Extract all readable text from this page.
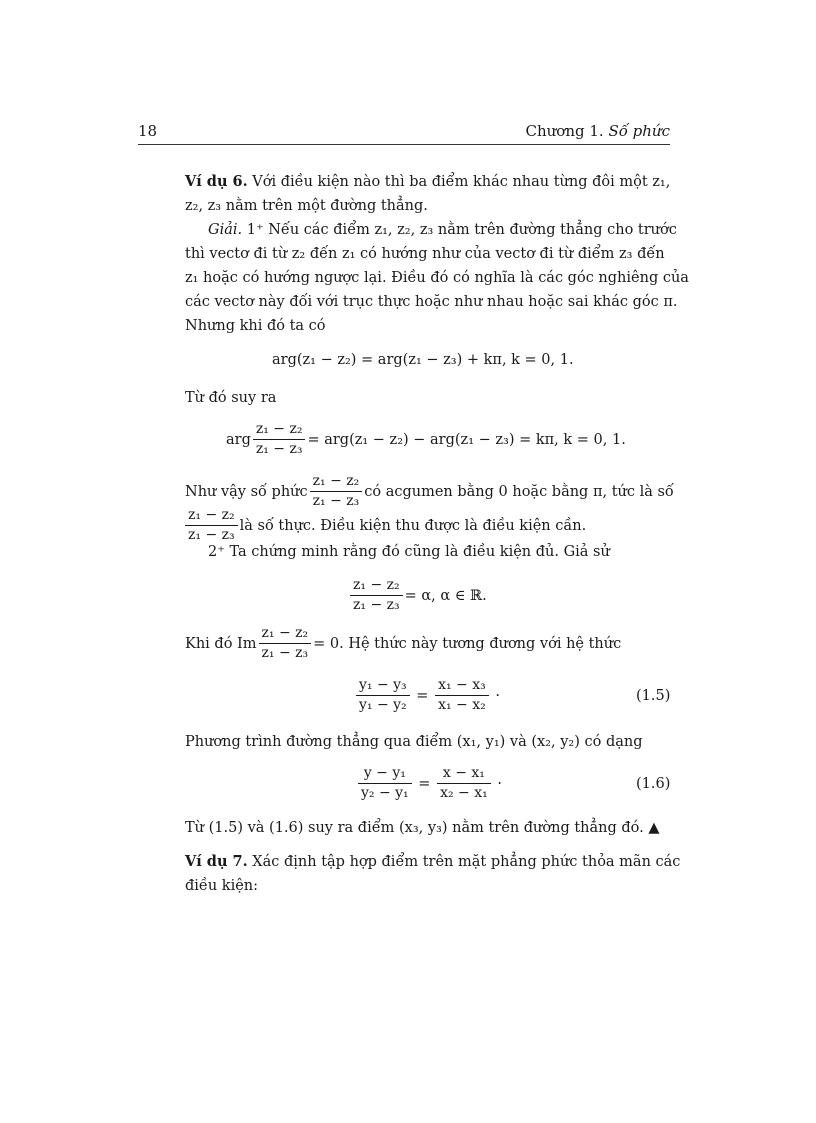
18	Chương 1. Số phức
Ví dụ 6. Với điều kiện nào thì ba điểm khác nhau từng đôi một z₁,
z₂, z₃ nằm trên một đường thẳng.
Giải. 1⁺ Nếu các điểm z₁, z₂, z₃ nằm trên đường thẳng cho trước
thì vectơ đi từ z₂ đến z₁ có hướng như của vectơ đi từ điểm z₃ đến
z₁ hoặc có hướng ngược lại. Điều đó có nghĩa là các góc nghiêng của
các vectơ này đối với trục thực hoặc như nhau hoặc sai khác góc π.
Nhưng khi đó ta có
arg(z₁ − z₂) = arg(z₁ − z₃) + kπ, k = 0, 1.
Từ đó suy ra
arg $\frac{\text{z₁ − z₂}}{\text{z₁ − z₃}} = arg(z_1 - z_2) - arg(z_1 - z_3) = k\pi$, k = 0, 1.
Như vậy số phức $\frac{\text{z₁ − z₂}}{\text{z₁ − z₃}}$ có acgumen bằng 0 hoặc bằng π, tức là số
$\frac{\text{z₁ − z₂}}{\text{z₁ − z₃}}$ là số thực. Điều kiện thu được là điều kiện cần.
2⁺ Ta chứng minh rằng đó cũng là điều kiện đủ. Giả sử
$\frac{\text{z₁ − z₂}}{\text{z₁ − z₃}} = \alpha$, α ∈ ℝ.
Khi đó Im $\frac{\text{z₁ − z₂}}{\text{z₁ − z₃}} = 0$. Hệ thức này tương đương với hệ thức
$\frac{\text{y₁ − y₃}}{\text{y₁ − y₂}} = \frac{\text{x₁ − x₃}}{\text{x₁ − x₂}}$ ·	(1.5)
Phương trình đường thẳng qua điểm (x₁, y₁) và (x₂, y₂) có dạng
$\frac{\text{y − y₁}}{\text{y₂ − y₁}} = \frac{\text{x − x₁}}{\text{x₂ − x₁}}$ ·	(1.6)
Từ (1.5) và (1.6) suy ra điểm (x₃, y₃) nằm trên đường thẳng đó. ▲
Ví dụ 7. Xác định tập hợp điểm trên mặt phẳng phức thỏa mãn các
điều kiện:
